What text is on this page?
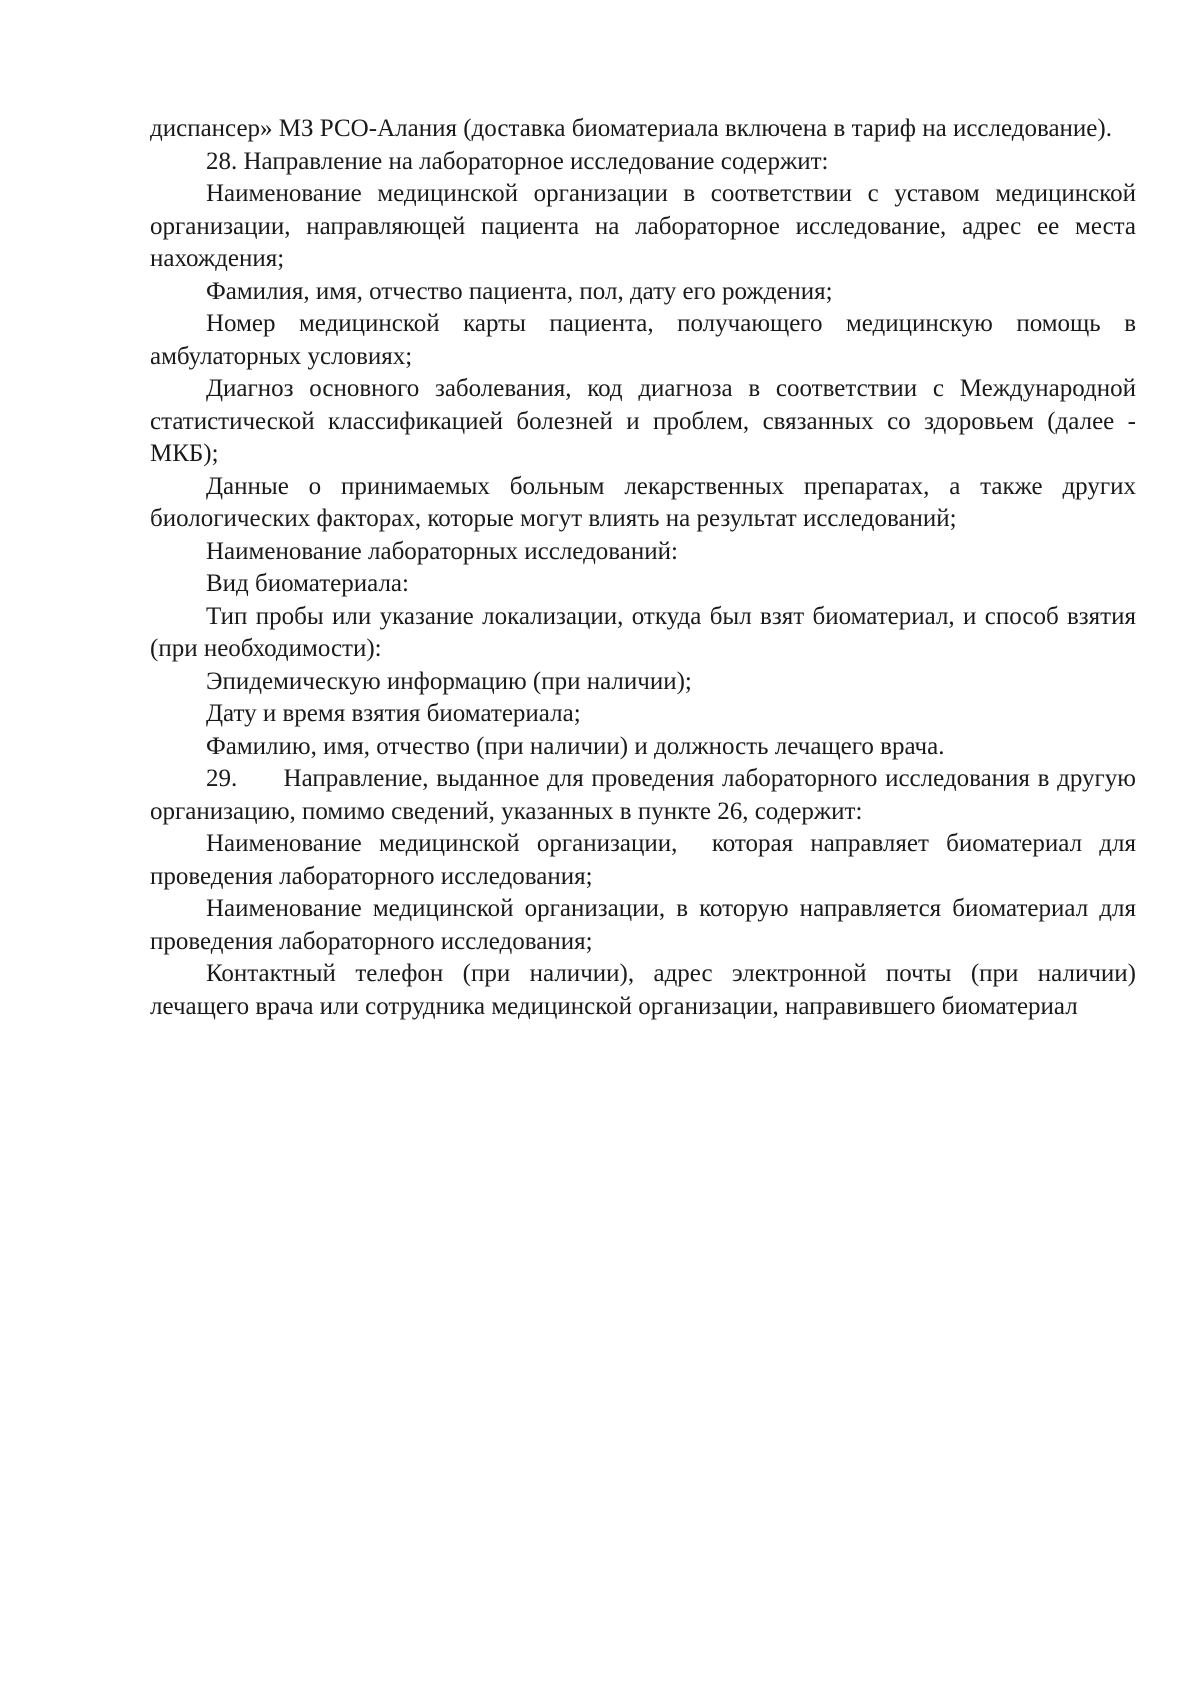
диспансер» МЗ РСО-Алания (доставка биоматериала включена в тариф на исследование).

28. Направление на лабораторное исследование содержит:

Наименование медицинской организации в соответствии с уставом медицинской организации, направляющей пациента на лабораторное исследование, адрес ее места нахождения;

Фамилия, имя, отчество пациента, пол, дату его рождения;

Номер медицинской карты пациента, получающего медицинскую помощь в амбулаторных условиях;

Диагноз основного заболевания, код диагноза в соответствии с Международной статистической классификацией болезней и проблем, связанных со здоровьем (далее - МКБ);

Данные о принимаемых больным лекарственных препаратах, а также других биологических факторах, которые могут влиять на результат исследований;

Наименование лабораторных исследований:

Вид биоматериала:

Тип пробы или указание локализации, откуда был взят биоматериал, и способ взятия (при необходимости):

Эпидемическую информацию (при наличии);

Дату и время взятия биоматериала;

Фамилию, имя, отчество (при наличии) и должность лечащего врача.

29.      Направление, выданное для проведения лабораторного исследования в другую организацию, помимо сведений, указанных в пункте 26, содержит:

Наименование медицинской организации,  которая направляет биоматериал для проведения лабораторного исследования;

Наименование медицинской организации, в которую направляется биоматериал для проведения лабораторного исследования;

Контактный телефон (при наличии), адрес электронной почты (при наличии) лечащего врача или сотрудника медицинской организации, направившего биоматериал
